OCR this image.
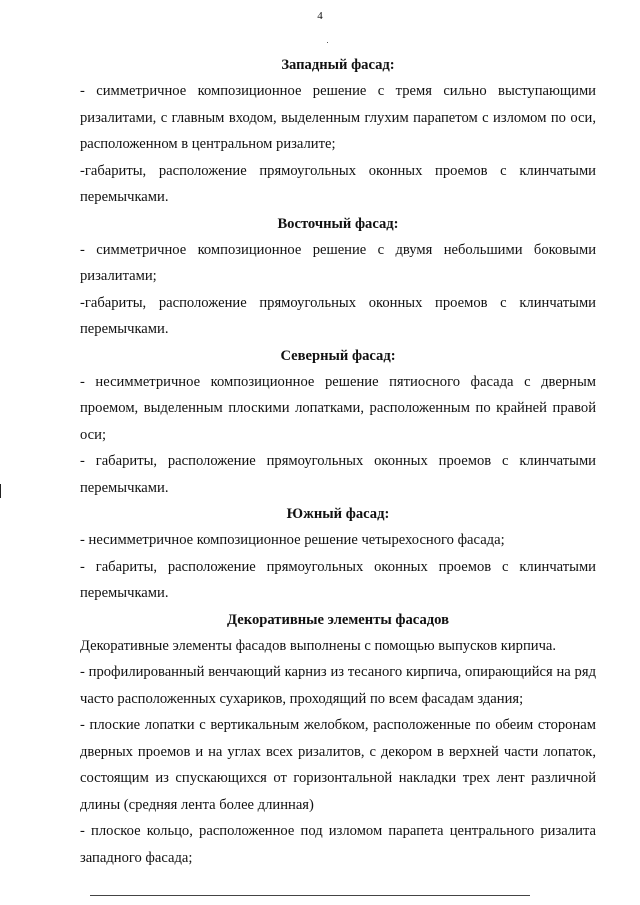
4

Западный фасад:

- симметричное композиционное решение с тремя сильно выступающими ризалитами, с главным входом, выделенным глухим парапетом с изломом по оси, расположенном в центральном ризалите;

-габариты, расположение прямоугольных оконных проемов с клинчатыми перемычками.

Восточный фасад:

- симметричное композиционное решение с двумя небольшими боковыми ризалитами;

-габариты, расположение прямоугольных оконных проемов с клинчатыми перемычками.

Северный фасад:

- несимметричное композиционное решение пятиосного фасада с дверным проемом, выделенным плоскими лопатками, расположенным по крайней правой оси;

- габариты, расположение прямоугольных оконных проемов с клинчатыми перемычками.

Южный фасад:

- несимметричное композиционное решение четырехосного фасада;

- габариты, расположение прямоугольных оконных проемов с клинчатыми перемычками.

Декоративные элементы фасадов

Декоративные элементы фасадов выполнены с помощью выпусков кирпича.

- профилированный венчающий карниз из тесаного кирпича, опирающийся на ряд часто расположенных сухариков, проходящий по всем фасадам здания;

- плоские лопатки с вертикальным желобком, расположенные по обеим сторонам дверных проемов и на углах всех ризалитов, с декором в верхней части лопаток, состоящим из спускающихся от горизонтальной накладки трех лент различной длины (средняя лента более длинная)

- плоское кольцо, расположенное под изломом парапета центрального ризалита западного фасада;
